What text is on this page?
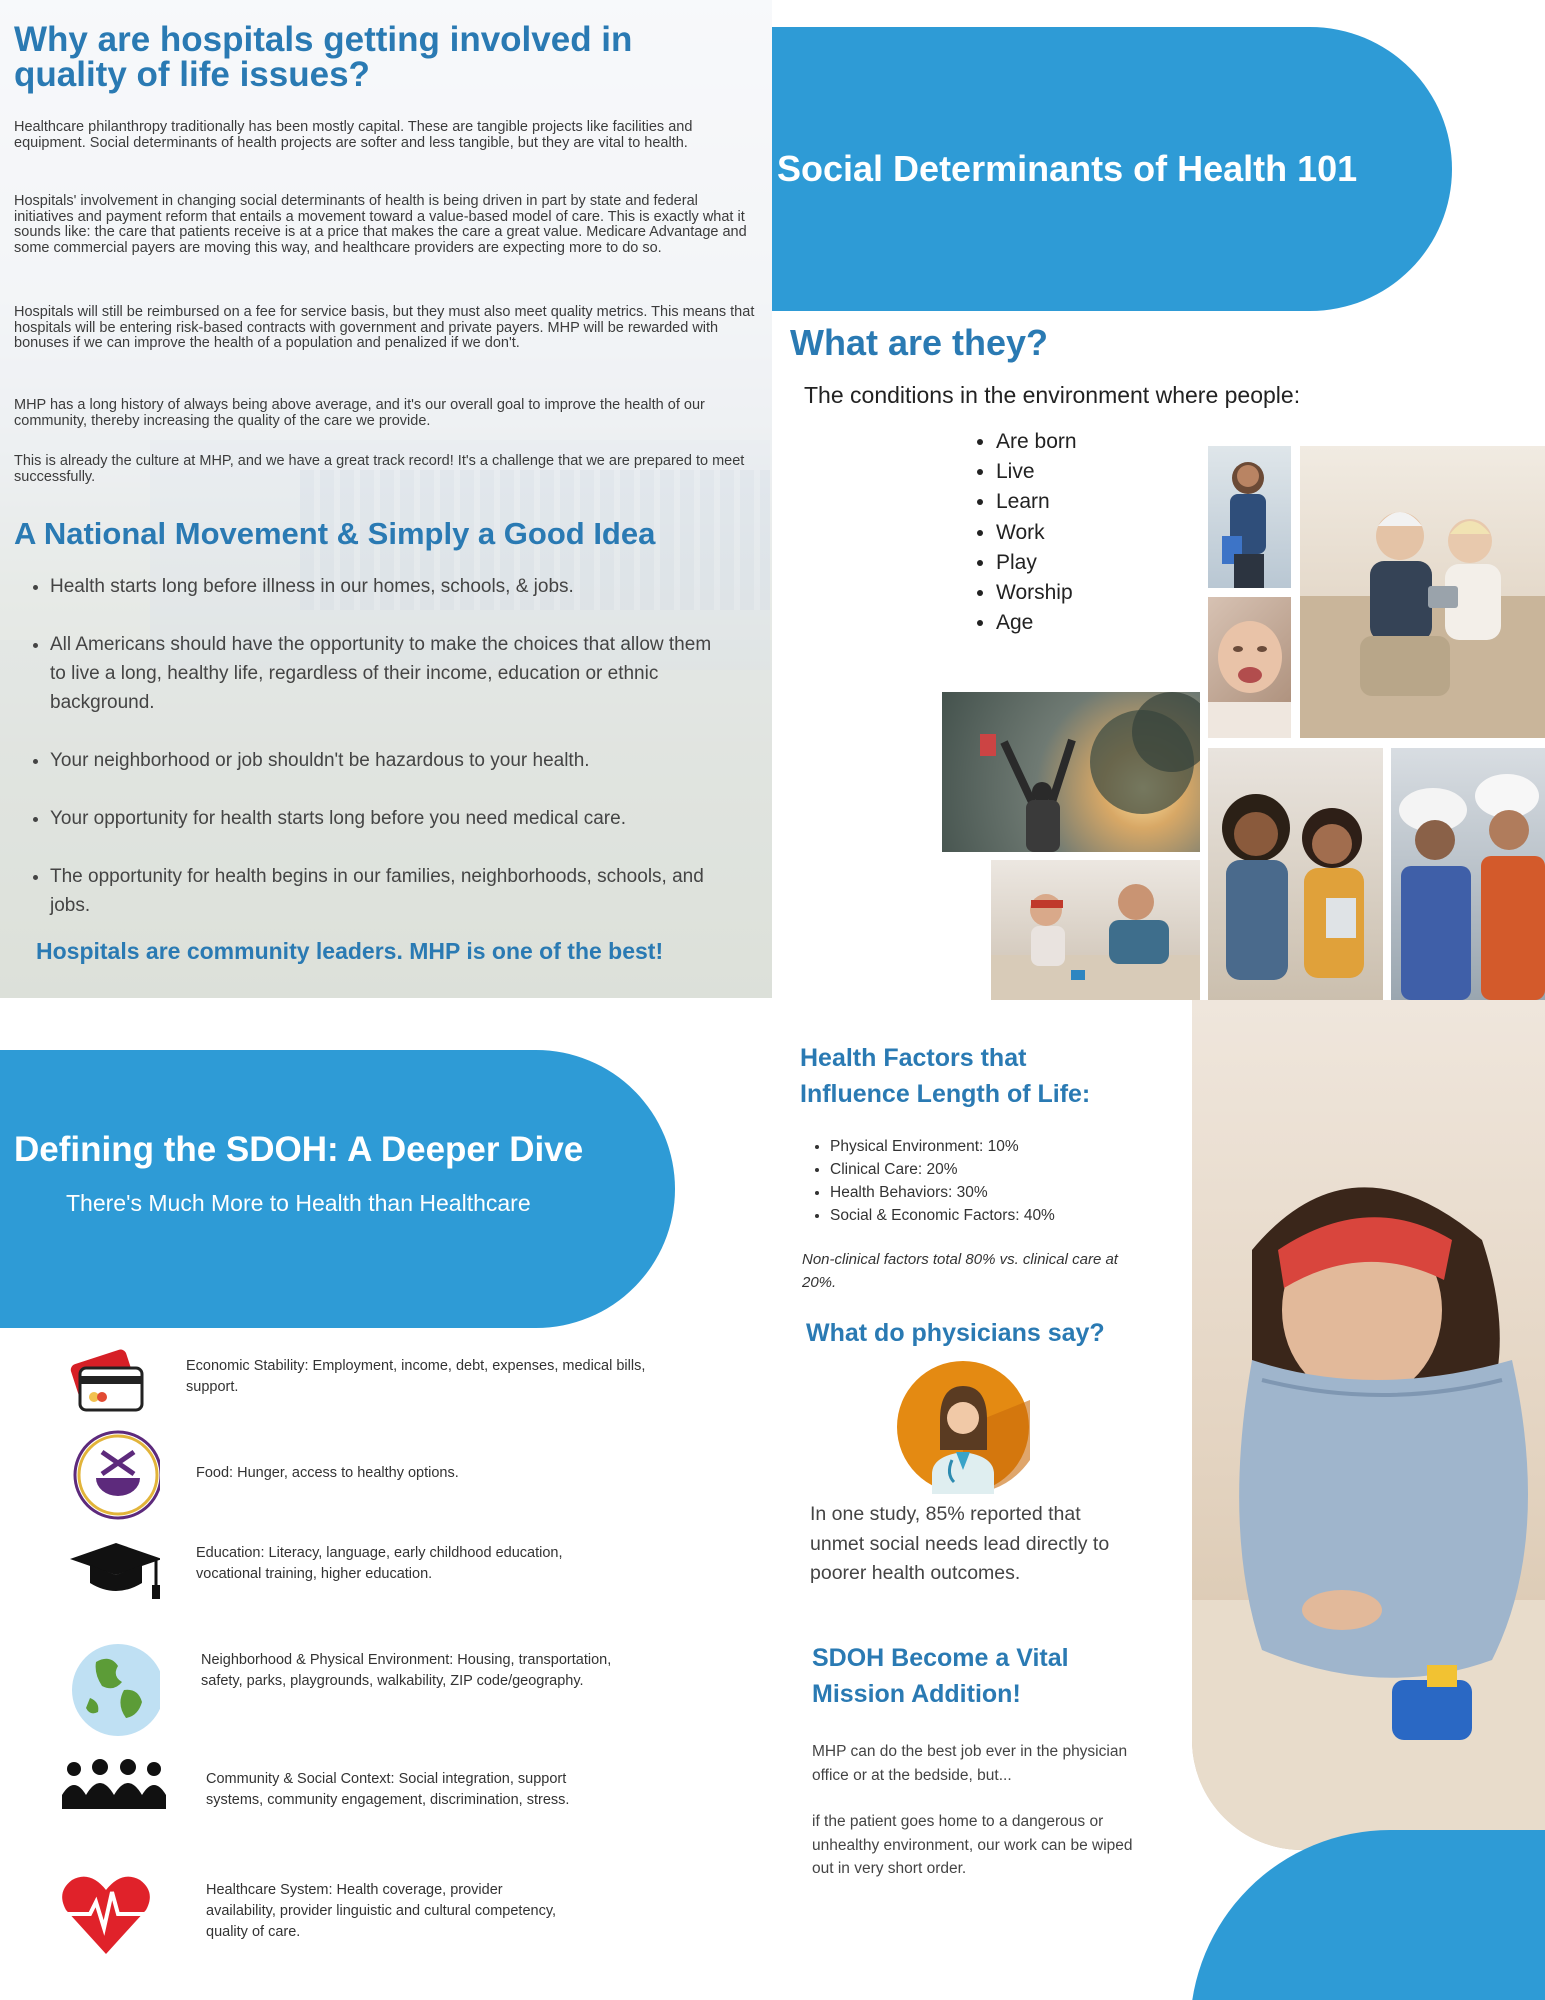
Why are hospitals getting involved in quality of life issues?

Healthcare philanthropy traditionally has been mostly capital. These are tangible projects like facilities and equipment. Social determinants of health projects are softer and less tangible, but they are vital to health.

Hospitals' involvement in changing social determinants of health is being driven in part by state and federal initiatives and payment reform that entails a movement toward a value-based model of care. This is exactly what it sounds like: the care that patients receive is at a price that makes the care a great value. Medicare Advantage and some commercial payers are moving this way, and healthcare providers are expecting more to do so.

Hospitals will still be reimbursed on a fee for service basis, but they must also meet quality metrics. This means that hospitals will be entering risk-based contracts with government and private payers. MHP will be rewarded with bonuses if we can improve the health of a population and penalized if we don't.

MHP has a long history of always being above average, and it's our overall goal to improve the health of our community, thereby increasing the quality of the care we provide.

This is already the culture at MHP, and we have a great track record! It's a challenge that we are prepared to meet successfully.

A National Movement & Simply a Good Idea
• Health starts long before illness in our homes, schools, & jobs.
• All Americans should have the opportunity to make the choices that allow them to live a long, healthy life, regardless of their income, education or ethnic background.
• Your neighborhood or job shouldn't be hazardous to your health.
• Your opportunity for health starts long before you need medical care.
• The opportunity for health begins in our families, neighborhoods, schools, and jobs.
Hospitals are community leaders. MHP is one of the best!
Social Determinants of Health 101
What are they?
The conditions in the environment where people:
• Are born
• Live
• Learn
• Work
• Play
• Worship
• Age
Defining the SDOH: A Deeper Dive
There's Much More to Health than Healthcare
Economic Stability: Employment, income, debt, expenses, medical bills, support.
Food: Hunger, access to healthy options.
Education: Literacy, language, early childhood education, vocational training, higher education.
Neighborhood & Physical Environment: Housing, transportation, safety, parks, playgrounds, walkability, ZIP code/geography.
Community & Social Context: Social integration, support systems, community engagement, discrimination, stress.
Healthcare System: Health coverage, provider availability, provider linguistic and cultural competency, quality of care.
Health Factors that Influence Length of Life:
• Physical Environment: 10%
• Clinical Care: 20%
• Health Behaviors: 30%
• Social & Economic Factors: 40%
Non-clinical factors total 80% vs. clinical care at 20%.
What do physicians say?
In one study, 85% reported that unmet social needs lead directly to poorer health outcomes.
SDOH Become a Vital Mission Addition!

MHP can do the best job ever in the physician office or at the bedside, but...

if the patient goes home to a dangerous or unhealthy environment, our work can be wiped out in very short order.
